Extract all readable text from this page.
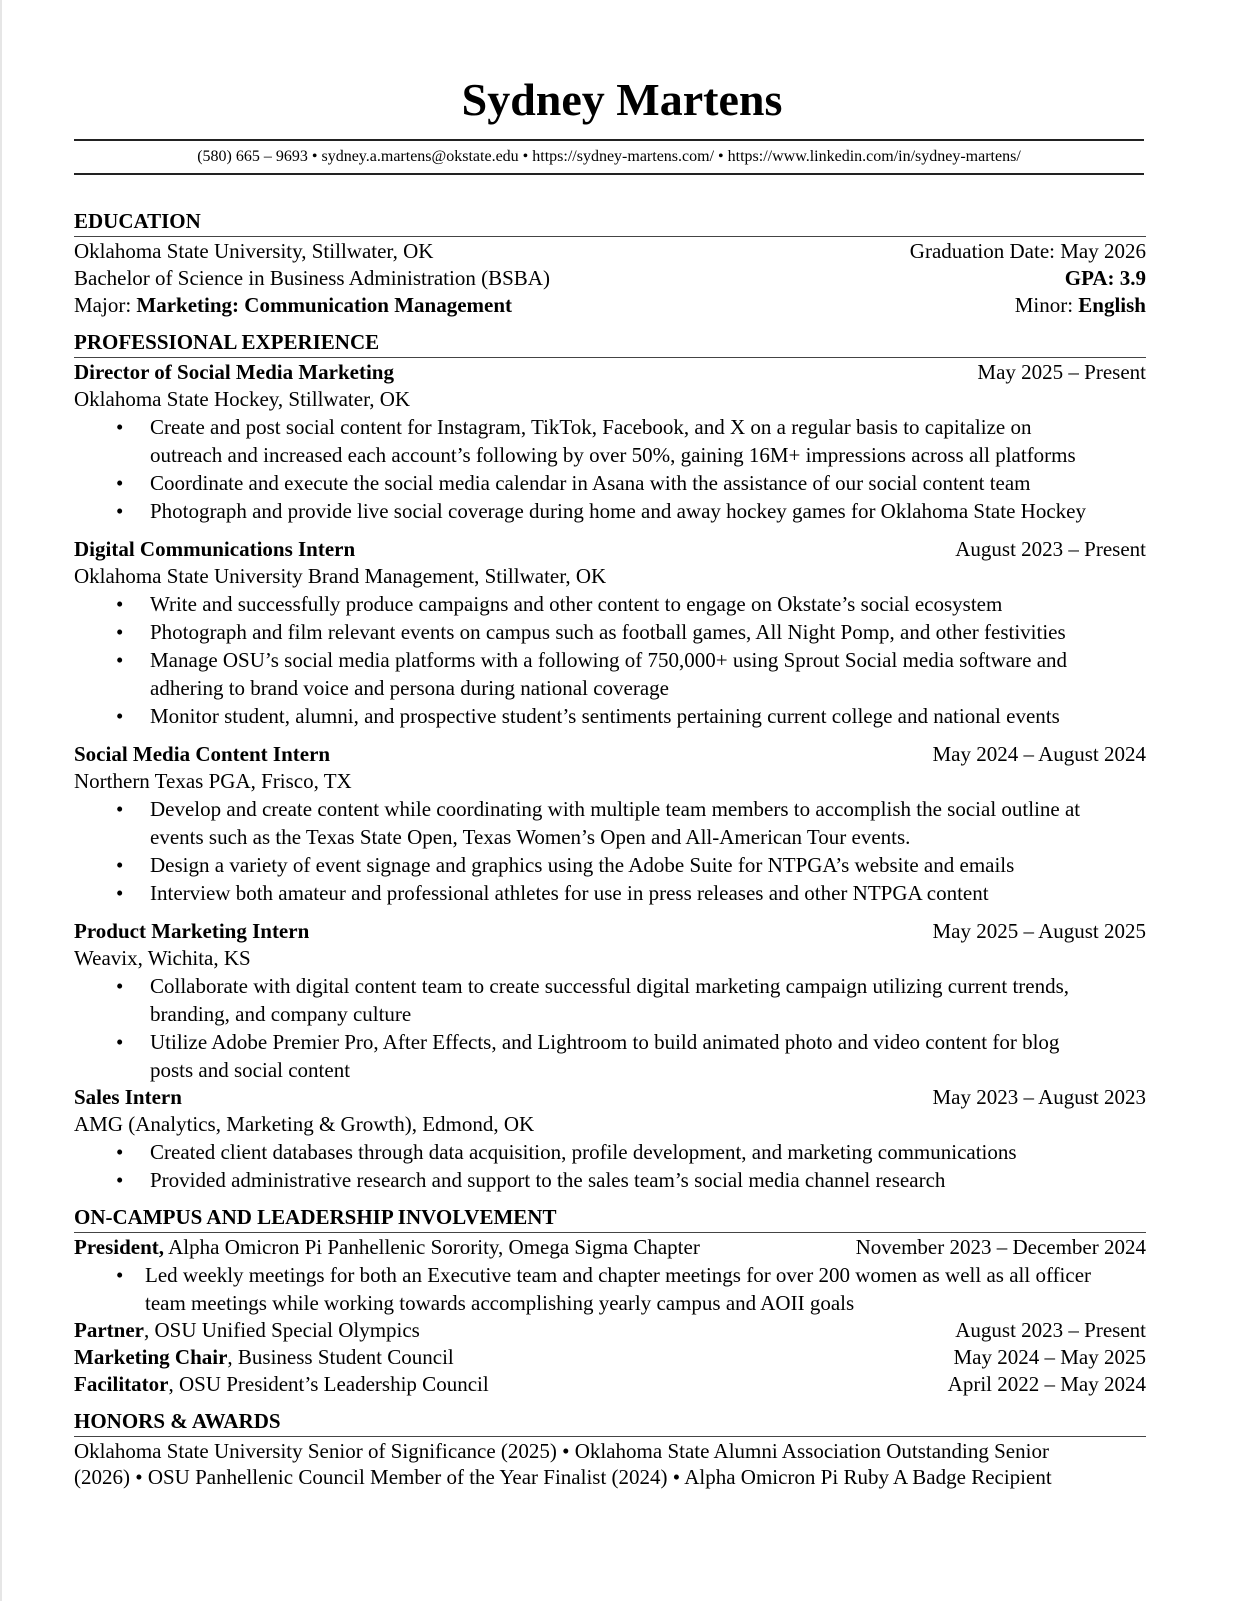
Sydney Martens
(580) 665 – 9693 • sydney.a.martens@okstate.edu • https://sydney-martens.com/ • https://www.linkedin.com/in/sydney-martens/
EDUCATION
Oklahoma State University, Stillwater, OK	Graduation Date: May 2026
Bachelor of Science in Business Administration (BSBA)	GPA: 3.9
Major: Marketing: Communication Management	Minor: English
PROFESSIONAL EXPERIENCE
Director of Social Media Marketing	May 2025 – Present
Oklahoma State Hockey, Stillwater, OK
• Create and post social content for Instagram, TikTok, Facebook, and X on a regular basis to capitalize on
outreach and increased each account’s following by over 50%, gaining 16M+ impressions across all platforms
• Coordinate and execute the social media calendar in Asana with the assistance of our social content team
• Photograph and provide live social coverage during home and away hockey games for Oklahoma State Hockey
Digital Communications Intern	August 2023 – Present
Oklahoma State University Brand Management, Stillwater, OK
• Write and successfully produce campaigns and other content to engage on Okstate’s social ecosystem
• Photograph and film relevant events on campus such as football games, All Night Pomp, and other festivities
• Manage OSU’s social media platforms with a following of 750,000+ using Sprout Social media software and
adhering to brand voice and persona during national coverage
• Monitor student, alumni, and prospective student’s sentiments pertaining current college and national events
Social Media Content Intern	May 2024 – August 2024
Northern Texas PGA, Frisco, TX
• Develop and create content while coordinating with multiple team members to accomplish the social outline at
events such as the Texas State Open, Texas Women’s Open and All-American Tour events.
• Design a variety of event signage and graphics using the Adobe Suite for NTPGA’s website and emails
• Interview both amateur and professional athletes for use in press releases and other NTPGA content
Product Marketing Intern	May 2025 – August 2025
Weavix, Wichita, KS
• Collaborate with digital content team to create successful digital marketing campaign utilizing current trends,
branding, and company culture
• Utilize Adobe Premier Pro, After Effects, and Lightroom to build animated photo and video content for blog
posts and social content
Sales Intern	May 2023 – August 2023
AMG (Analytics, Marketing & Growth), Edmond, OK
• Created client databases through data acquisition, profile development, and marketing communications
• Provided administrative research and support to the sales team’s social media channel research
ON-CAMPUS AND LEADERSHIP INVOLVEMENT
President, Alpha Omicron Pi Panhellenic Sorority, Omega Sigma Chapter	November 2023 – December 2024
• Led weekly meetings for both an Executive team and chapter meetings for over 200 women as well as all officer
team meetings while working towards accomplishing yearly campus and AOII goals
Partner, OSU Unified Special Olympics	August 2023 – Present
Marketing Chair, Business Student Council	May 2024 – May 2025
Facilitator, OSU President’s Leadership Council	April 2022 – May 2024
HONORS & AWARDS
Oklahoma State University Senior of Significance (2025) • Oklahoma State Alumni Association Outstanding Senior
(2026) • OSU Panhellenic Council Member of the Year Finalist (2024) • Alpha Omicron Pi Ruby A Badge Recipient
